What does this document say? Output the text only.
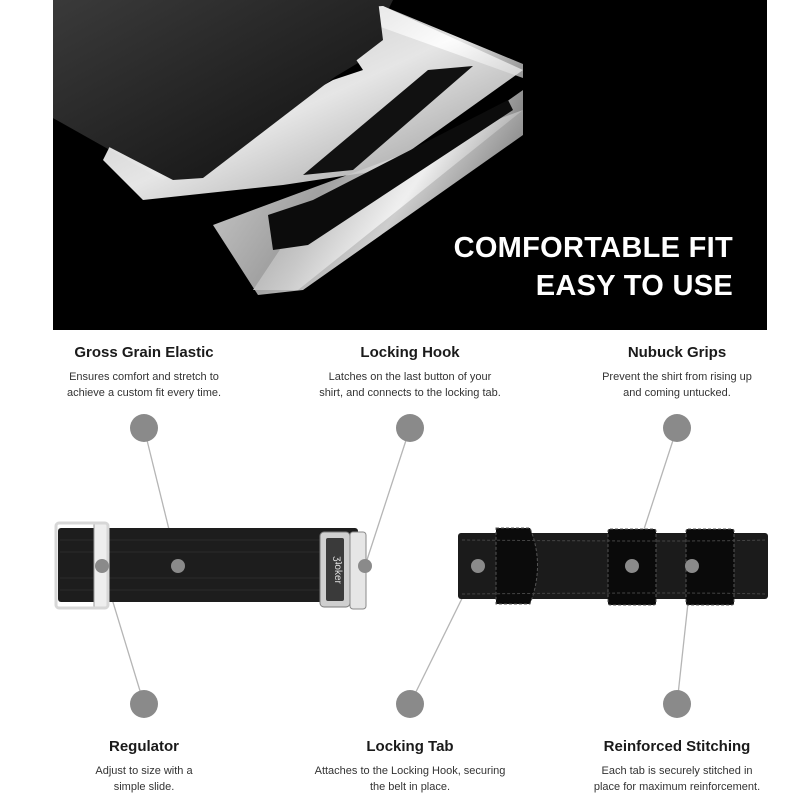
COMFORTABLE FIT
EASY TO USE
ӡʇoker
Gross Grain Elastic
Ensures comfort and stretch to
achieve a custom fit every time.
Locking Hook
Latches on the last button of your
shirt, and connects to the locking tab.
Nubuck Grips
Prevent the shirt from rising up
and coming untucked.
Regulator
Adjust to size with a
simple slide.
Locking Tab
Attaches to the Locking Hook, securing
the belt in place.
Reinforced Stitching
Each tab is securely stitched in
place for maximum reinforcement.
